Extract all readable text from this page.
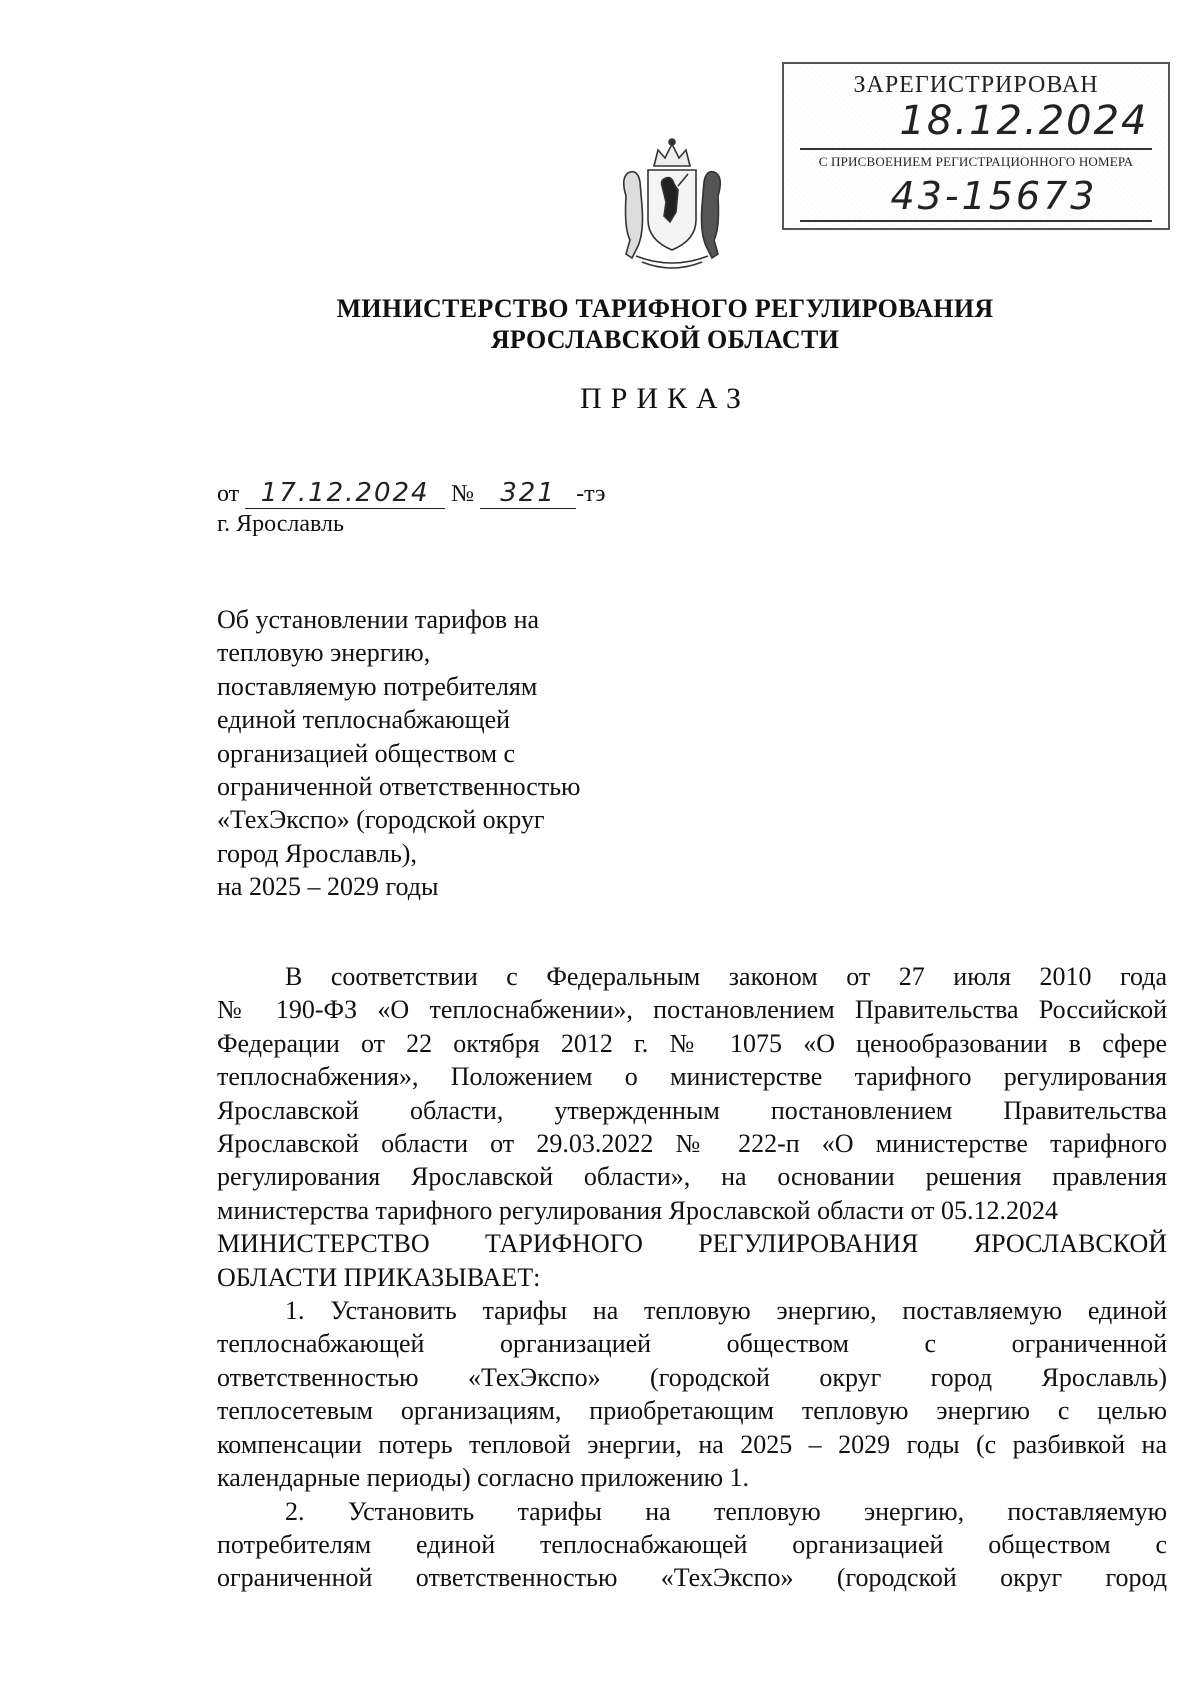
ЗАРЕГИСТРИРОВАН
18.12.2024
С ПРИСВОЕНИЕМ РЕГИСТРАЦИОННОГО НОМЕРА
43-15673
МИНИСТЕРСТВО ТАРИФНОГО РЕГУЛИРОВАНИЯ
ЯРОСЛАВСКОЙ ОБЛАСТИ
ПРИКАЗ
от 17.12.2024 № 321 -тэ
г. Ярославль
Об установлении тарифов на
тепловую энергию,
поставляемую потребителям
единой теплоснабжающей
организацией обществом с
ограниченной ответственностью
«ТехЭкспо» (городской округ
город Ярославль),
на 2025 – 2029 годы
В соответствии с Федеральным законом от 27 июля 2010 года
№ 190-ФЗ «О теплоснабжении», постановлением Правительства Российской
Федерации от 22 октября 2012 г. № 1075 «О ценообразовании в сфере
теплоснабжения», Положением о министерстве тарифного регулирования
Ярославской области, утвержденным постановлением Правительства
Ярославской области от 29.03.2022 № 222-п «О министерстве тарифного
регулирования Ярославской области», на основании решения правления
министерства тарифного регулирования Ярославской области от 05.12.2024
МИНИСТЕРСТВО ТАРИФНОГО РЕГУЛИРОВАНИЯ ЯРОСЛАВСКОЙ
ОБЛАСТИ ПРИКАЗЫВАЕТ:
1. Установить тарифы на тепловую энергию, поставляемую единой
теплоснабжающей организацией обществом с ограниченной
ответственностью «ТехЭкспо» (городской округ город Ярославль)
теплосетевым организациям, приобретающим тепловую энергию с целью
компенсации потерь тепловой энергии, на 2025 – 2029 годы (с разбивкой на
календарные периоды) согласно приложению 1.
2. Установить тарифы на тепловую энергию, поставляемую
потребителям единой теплоснабжающей организацией обществом с
ограниченной ответственностью «ТехЭкспо» (городской округ город
